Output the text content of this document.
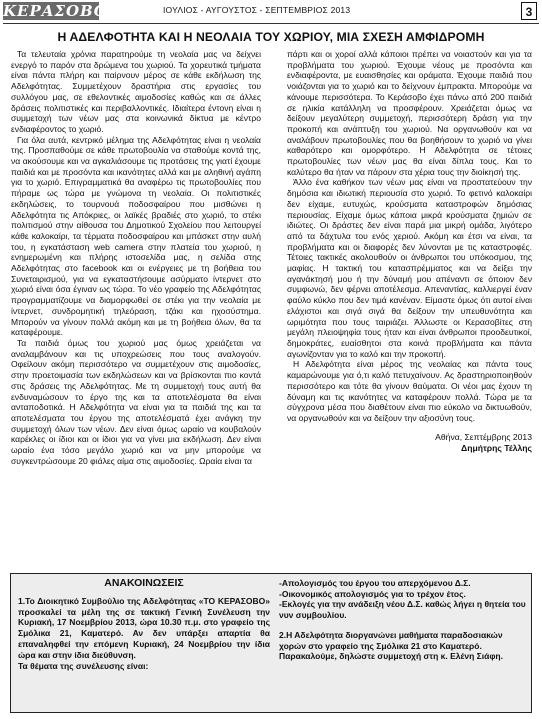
ΚΕΡΑΣΟΒΟ	ΙΟΥΛΙΟΣ - ΑΥΓΟΥΣΤΟΣ - ΣΕΠΤΕΜΒΡΙΟΣ 2013	3
Η ΑΔΕΛΦΟΤΗΤΑ ΚΑΙ Η ΝΕΟΛΑΙΑ ΤΟΥ ΧΩΡΙΟΥ, ΜΙΑ ΣΧΕΣΗ ΑΜΦΙΔΡΟΜΗ

Τα τελευταία χρόνια παρατηρούμε τη νεολαία μας να δείχνει ενεργό το παρόν στα δρώμενα του χωριού. Τα χορευτικά τμήματα είναι πάντα πλήρη και παίρνουν μέρος σε κάθε εκδήλωση της Αδελφότητας. Συμμετέχουν δραστήρια στις εργασίες του συλλόγου μας, σε εθελοντικές αιμοδοσίες καθώς και σε άλλες δράσεις πολιτιστικές και περιβαλλοντικές. Ιδιαίτερα έντονη είναι η συμμετοχή των νέων μας στα κοινωνικά δίκτυα με κέντρο ενδιαφέροντος το χωριό.

Για όλα αυτά, κεντρικό μέλημα της Αδελφότητας είναι η νεολαία της. Προσπαθούμε σε κάθε πρωτοβουλία να σταθούμε κοντά της, να ακούσουμε και να αγκαλιάσουμε τις προτάσεις της γιατί έχουμε παιδιά και με προσόντα και ικανότητες αλλά και με αληθινή αγάπη για το χωριό. Επιγραμματικά θα αναφέρω τις πρωτοβουλίες που πήραμε ως τώρα με γνώμονα τη νεολαία. Οι πολιτιστικές εκδηλώσεις, το τουρνουά ποδοσφαίρου που μισθώνει η Αδελφότητα τις Απόκριες, οι λαϊκές βραδιές στο χωριό, το στέκι πολιτισμού στην αίθουσα του Δημοτικού Σχολείου που λειτουργεί κάθε καλοκαίρι, τα τέρματα ποδοσφαίρου και μπάσκετ στην αυλή του, η εγκατάσταση web camera στην πλατεία του χωριού, η ενημερωμένη και πλήρης ιστοσελίδα μας, η σελίδα στης Αδελφότητας στο facebook και οι ενέργειες με τη βοήθεια του Συνεταιρισμού, για να εγκαταστήσουμε ασύρματο ίντερνετ στο χωριό είναι όσα έγιναν ως τώρα. Το νέο γραφείο της Αδελφότητας προγραμματίζουμε να διαμορφωθεί σε στέκι για την νεολαία με ίντερνετ, συνδρομητική τηλεόραση, τζάκι και ηχοσύστημα. Μπορούν να γίνουν πολλά ακόμη και με τη βοήθεια όλων, θα τα καταφέρουμε.

Τα παιδιά όμως του χωριού μας όμως χρειάζεται να αναλαμβάνουν και τις υποχρεώσεις που τους αναλογούν. Οφείλουν ακόμη περισσότερο να συμμετέχουν στις αιμοδοσίες, στην προετοιμασία των εκδηλώσεων και να βρίσκονται πιο κοντά στις δράσεις της Αδελφότητας. Με τη συμμετοχή τους αυτή θα ενδυναμώσουν το έργο της και τα αποτελέσματα θα είναι ανταποδοτικά. Η Αδελφότητα να είναι για τα παιδιά της και τα αποτελέσματα του έργου της αποτελέσματά έχει ανάγκη την συμμετοχή όλων των νέων. Δεν είναι όμως ωραίο να κουβαλούν καρέκλες οι ίδιοι και οι ίδιοι για να γίνει μια εκδήλωση. Δεν είναι ωραίο ένα τόσο μεγάλο χωριό και να μην μπορούμε να συγκεντρώσουμε 20 φιάλες αίμα στις αιμοδοσίες. Ωραία είναι τα

πάρτι και οι χοροί αλλά κάποιοι πρέπει να νοιαστούν και για τα προβλήματα του χωριού. Έχουμε νέους με προσόντα και ενδιαφέροντα, με ευαισθησίες και οράματα. Έχουμε παιδιά που νοιάζονται για το χωριό και το δείχνουν έμπρακτα. Μπορούμε να κάνουμε περισσότερα. Το Κεράσοβο έχει πάνω από 200 παιδιά σε ηλικία κατάλληλη να προσφέρουν. Χρειάζεται όμως να δείξουν μεγαλύτερη συμμετοχή, περισσότερη δράση για την προκοπή και ανάπτυξη του χωριού. Να οργανωθούν και να αναλάβουν πρωτοβουλίες που θα βοηθήσουν το χωριό να γίνει καθαρότερο και ομορφότερο. Η Αδελφότητα σε τέτοιες πρωτοβουλίες των νέων μας θα είναι δίπλα τους. Και το καλύτερο θα ήταν να πάρουν στα χέρια τους την διοίκησή της.

Άλλο ένα καθήκον των νέων μας είναι να προστατεύουν την δημόσια και ιδιωτική περιουσία στο χωριό. Το φετινό καλοκαίρι δεν είχαμε, ευτυχώς, κρούσματα καταστροφών δημόσιας περιουσίας. Είχαμε όμως κάποια μικρά κρούσματα ζημιών σε ιδιώτες. Οι δράστες δεν είναι παρά μια μικρή ομάδα, λιγότερο από τα δάχτυλα του ενός χεριού. Ακόμη και έτσι να είναι, τα προβλήματα και οι διαφορές δεν λύνονται με τις καταστροφές. Τέτοιες τακτικές ακολουθούν οι άνθρωποι του υπόκοσμου, της μαφίας. Η τακτική του κατασπρέμματος και να δείξει την αγανάκτησή μου ή την δύναμή μου απέναντι σε όποιον δεν συμφωνώ, δεν φέρνει αποτέλεσμα. Απεναντίας, καλλιεργεί έναν φαύλο κύκλο που δεν τιμά κανέναν. Είμαστε όμως ότι αυτοί είναι ελάχιστοι και σιγά σιγά θα δείξουν την υπευθυνότητα και ωριμότητα που τους ταιριάζει. Άλλωστε οι Κερασοβίτες στη μεγάλη πλειοψηφία τους ήταν και είναι άνθρωποι προοδευτικοί, δημοκράτες, ευαίσθητοι στα κοινά προβλήματα και πάντα αγωνίζονταν για το καλό και την προκοπή.

Η Αδελφότητα είναι μέρος της νεολαίας και πάντα τους καμαρώνουμε για ό,τι καλό πετυχαίνουν. Ας δραστηριοποιηθούν περισσότερο και τότε θα γίνουν θαύματα. Οι νέοι μας έχουν τη δύναμη και τις ικανότητες να καταφέρουν πολλά. Τώρα με τα σύγχρονα μέσα που διαθέτουν είναι πιο εύκολο να δικτυωθούν, να οργανωθούν και να δείξουν την αξιοσύνη τους.

Αθήνα, Σεπτέμβρης 2013
Δημήτρης Τέλλης
ΑΝΑΚΟΙΝΩΣΕΙΣ
1.Το Διοικητικό Συμβούλιο της Αδελφότητας «ΤΟ ΚΕΡΑΣΟΒΟ» προσκαλεί τα μέλη της σε τακτική Γενική Συνέλευση την Κυριακή, 17 Νοεμβρίου 2013, ώρα 10.30 π.μ. στο γραφείο της Σμόλικα 21, Καματερό. Αν δεν υπάρξει απαρτία θα επαναληφθεί την επόμενη Κυριακή, 24 Νοεμβρίου την ίδια ώρα και στην ίδια διεύθυνση.
Τα θέματα της συνέλευσης είναι:
-Απολογισμός του έργου του απερχόμενου Δ.Σ.
-Οικονομικός απολογισμός για το τρέχον έτος.
-Εκλογές για την ανάδειξη νέου Δ.Σ. καθώς λήγει η θητεία του νυν συμβουλίου.
2.Η Αδελφότητα διοργανώνει μαθήματα παραδοσιακών χορών στο γραφείο της Σμόλικα 21 στο Καματερό.
Παρακαλούμε, δηλώστε συμμετοχή στη κ. Ελένη Σιάφη.
